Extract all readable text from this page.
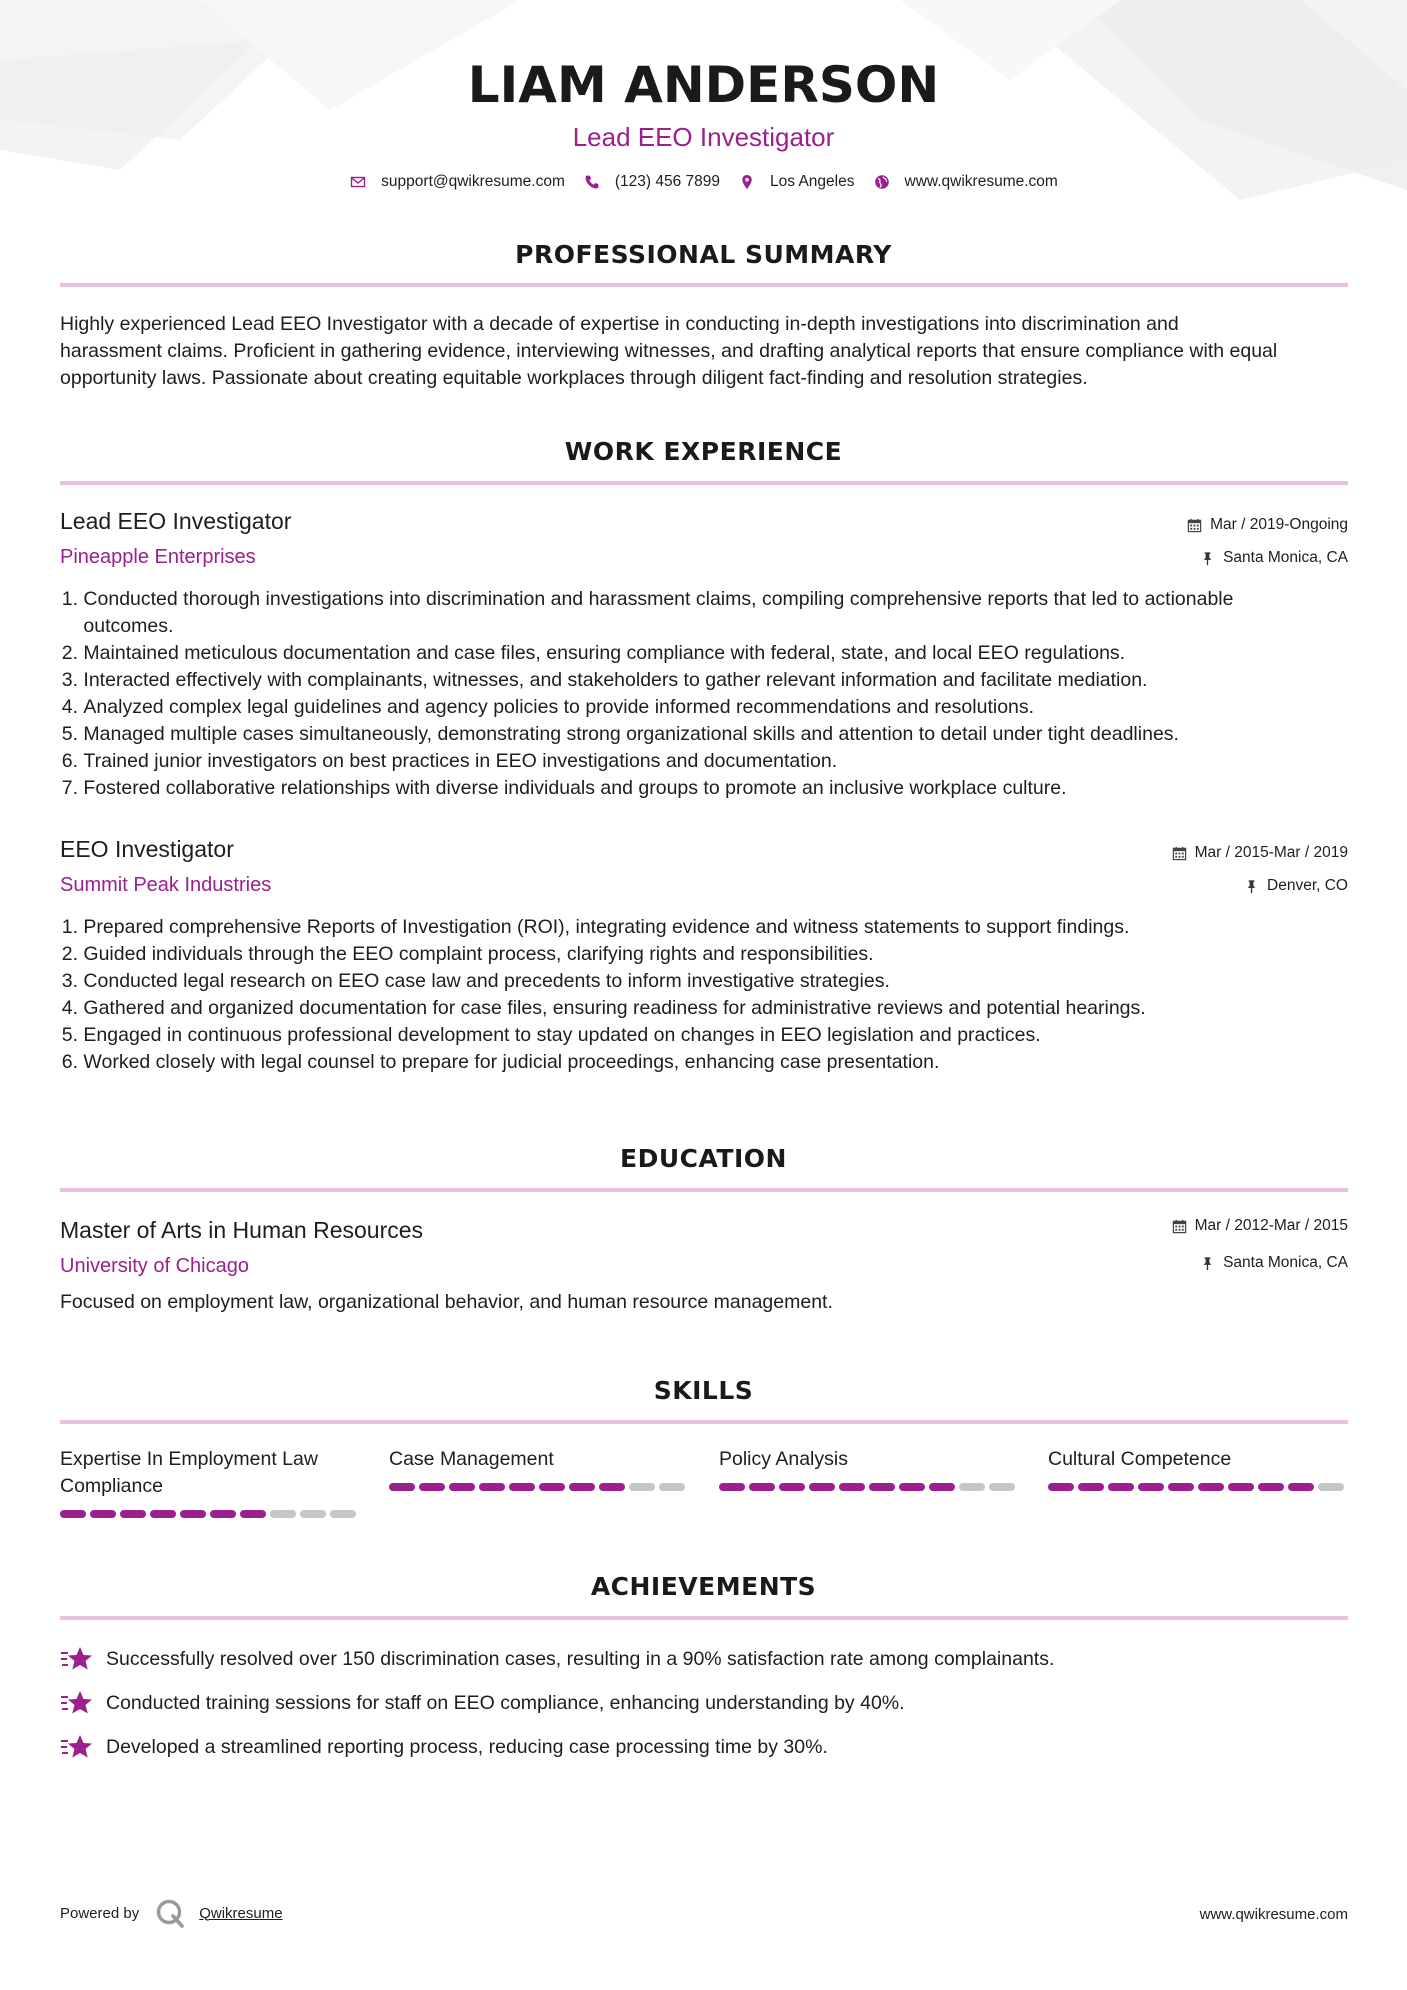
LIAM ANDERSON
Lead EEO Investigator
support@qwikresume.com	(123) 456 7899	Los Angeles	www.qwikresume.com
PROFESSIONAL SUMMARY
Highly experienced Lead EEO Investigator with a decade of expertise in conducting in-depth investigations into discrimination and
harassment claims. Proficient in gathering evidence, interviewing witnesses, and drafting analytical reports that ensure compliance with equal
opportunity laws. Passionate about creating equitable workplaces through diligent fact-finding and resolution strategies.
WORK EXPERIENCE
Lead EEO Investigator
Pineapple Enterprises
Mar / 2019-Ongoing
Santa Monica, CA
1. Conducted thorough investigations into discrimination and harassment claims, compiling comprehensive reports that led to actionable
outcomes.
2. Maintained meticulous documentation and case files, ensuring compliance with federal, state, and local EEO regulations.
3. Interacted effectively with complainants, witnesses, and stakeholders to gather relevant information and facilitate mediation.
4. Analyzed complex legal guidelines and agency policies to provide informed recommendations and resolutions.
5. Managed multiple cases simultaneously, demonstrating strong organizational skills and attention to detail under tight deadlines.
6. Trained junior investigators on best practices in EEO investigations and documentation.
7. Fostered collaborative relationships with diverse individuals and groups to promote an inclusive workplace culture.
EEO Investigator
Summit Peak Industries
Mar / 2015-Mar / 2019
Denver, CO
1. Prepared comprehensive Reports of Investigation (ROI), integrating evidence and witness statements to support findings.
2. Guided individuals through the EEO complaint process, clarifying rights and responsibilities.
3. Conducted legal research on EEO case law and precedents to inform investigative strategies.
4. Gathered and organized documentation for case files, ensuring readiness for administrative reviews and potential hearings.
5. Engaged in continuous professional development to stay updated on changes in EEO legislation and practices.
6. Worked closely with legal counsel to prepare for judicial proceedings, enhancing case presentation.
EDUCATION
Master of Arts in Human Resources
University of Chicago
Mar / 2012-Mar / 2015
Santa Monica, CA
Focused on employment law, organizational behavior, and human resource management.
SKILLS
Expertise In Employment Law
Compliance
Case Management	Policy Analysis	Cultural Competence
ACHIEVEMENTS
Successfully resolved over 150 discrimination cases, resulting in a 90% satisfaction rate among complainants.
Conducted training sessions for staff on EEO compliance, enhancing understanding by 40%.
Developed a streamlined reporting process, reducing case processing time by 30%.
Powered by	Qwikresume	www.qwikresume.com
